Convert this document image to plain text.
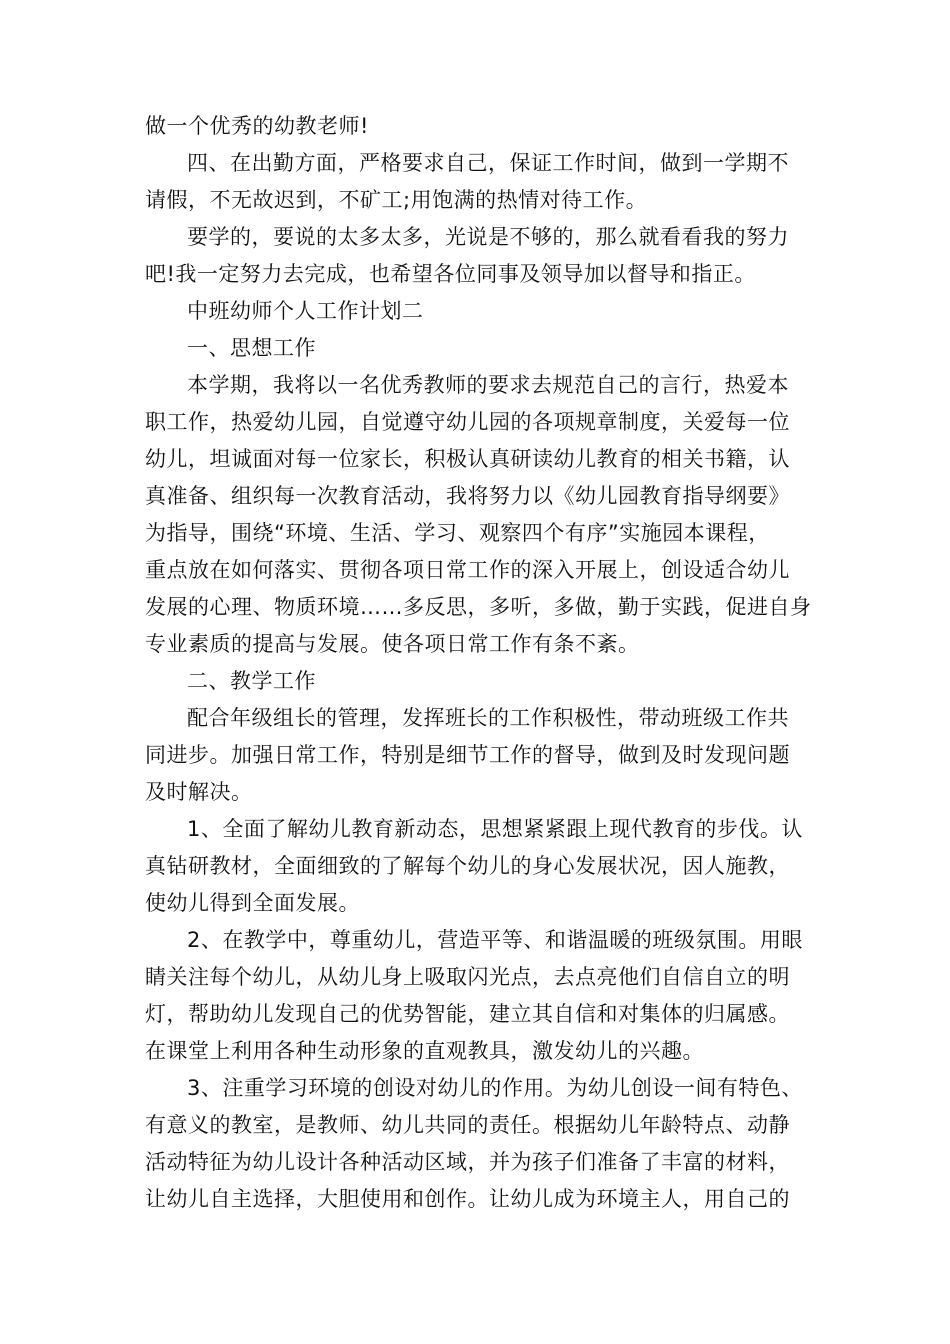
做一个优秀的幼教老师!
四、在出勤方面，严格要求自己，保证工作时间，做到一学期不
请假，不无故迟到，不矿工;用饱满的热情对待工作。
要学的，要说的太多太多，光说是不够的，那么就看看我的努力
吧!我一定努力去完成，也希望各位同事及领导加以督导和指正。
中班幼师个人工作计划二
一、思想工作
本学期，我将以一名优秀教师的要求去规范自己的言行，热爱本
职工作，热爱幼儿园，自觉遵守幼儿园的各项规章制度，关爱每一位
幼儿，坦诚面对每一位家长，积极认真研读幼儿教育的相关书籍，认
真准备、组织每一次教育活动，我将努力以《幼儿园教育指导纲要》
为指导，围绕“环境、生活、学习、观察四个有序”实施园本课程，
重点放在如何落实、贯彻各项日常工作的深入开展上，创设适合幼儿
发展的心理、物质环境……多反思，多听，多做，勤于实践，促进自身
专业素质的提高与发展。使各项日常工作有条不紊。
二、教学工作
配合年级组长的管理，发挥班长的工作积极性，带动班级工作共
同进步。加强日常工作，特别是细节工作的督导，做到及时发现问题
及时解决。
1、全面了解幼儿教育新动态，思想紧紧跟上现代教育的步伐。认
真钻研教材，全面细致的了解每个幼儿的身心发展状况，因人施教，
使幼儿得到全面发展。
2、在教学中，尊重幼儿，营造平等、和谐温暖的班级氛围。用眼
睛关注每个幼儿，从幼儿身上吸取闪光点，去点亮他们自信自立的明
灯，帮助幼儿发现自己的优势智能，建立其自信和对集体的归属感。
在课堂上利用各种生动形象的直观教具，激发幼儿的兴趣。
3、注重学习环境的创设对幼儿的作用。为幼儿创设一间有特色、
有意义的教室，是教师、幼儿共同的责任。根据幼儿年龄特点、动静
活动特征为幼儿设计各种活动区域，并为孩子们准备了丰富的材料，
让幼儿自主选择，大胆使用和创作。让幼儿成为环境主人，用自己的
